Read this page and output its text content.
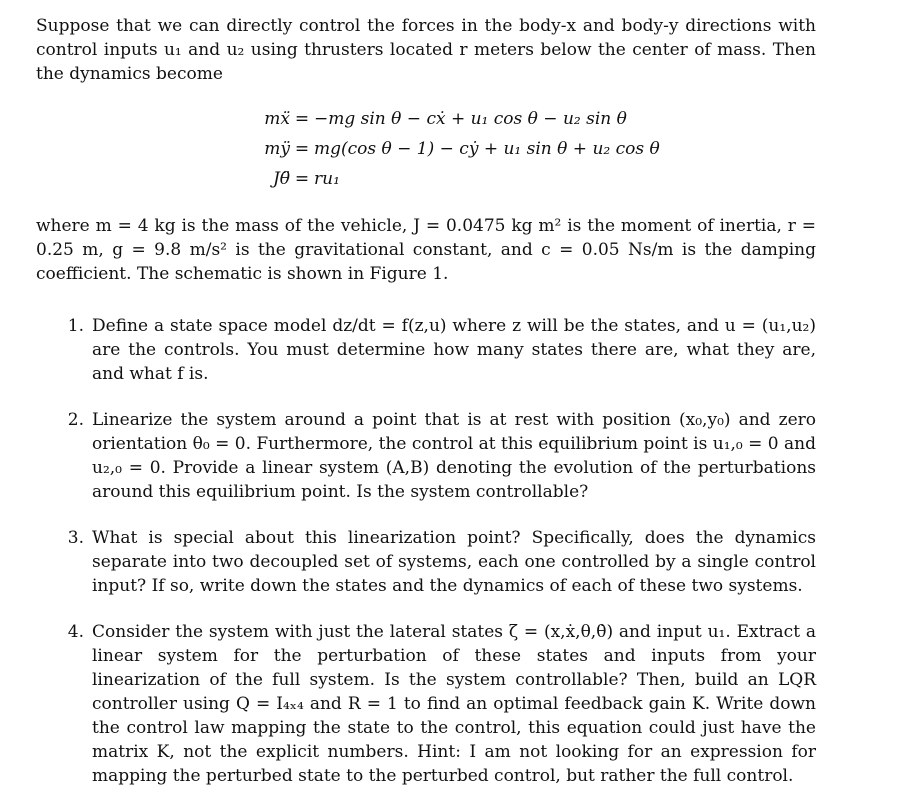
Suppose that we can directly control the forces in the body-x and body-y directions with control inputs u₁ and u₂ using thrusters located r meters below the center of mass. Then the dynamics become

mẍ = −mg sin θ − cẋ + u₁ cos θ − u₂ sin θ
mÿ = mg(cos θ − 1) − cẏ + u₁ sin θ + u₂ cos θ
Jθ̈ = ru₁

where m = 4 kg is the mass of the vehicle, J = 0.0475 kg m² is the moment of inertia, r = 0.25 m, g = 9.8 m/s² is the gravitational constant, and c = 0.05 Ns/m is the damping coefficient. The schematic is shown in Figure 1.

1. Define a state space model dz/dt = f(z,u) where z will be the states, and u = (u₁,u₂) are the controls. You must determine how many states there are, what they are, and what f is.
2. Linearize the system around a point that is at rest with position (x₀,y₀) and zero orientation θ₀ = 0. Furthermore, the control at this equilibrium point is u₁,₀ = 0 and u₂,₀ = 0. Provide a linear system (A,B) denoting the evolution of the perturbations around this equilibrium point. Is the system controllable?
3. What is special about this linearization point? Specifically, does the dynamics separate into two decoupled set of systems, each one controlled by a single control input? If so, write down the states and the dynamics of each of these two systems.
4. Consider the system with just the lateral states ζ = (x,ẋ,θ,θ̇) and input u₁. Extract a linear system for the perturbation of these states and inputs from your linearization of the full system. Is the system controllable? Then, build an LQR controller using Q = I₄ₓ₄ and R = 1 to find an optimal feedback gain K. Write down the control law mapping the state to the control, this equation could just have the matrix K, not the explicit numbers. Hint: I am not looking for an expression for mapping the perturbed state to the perturbed control, but rather the full control.
